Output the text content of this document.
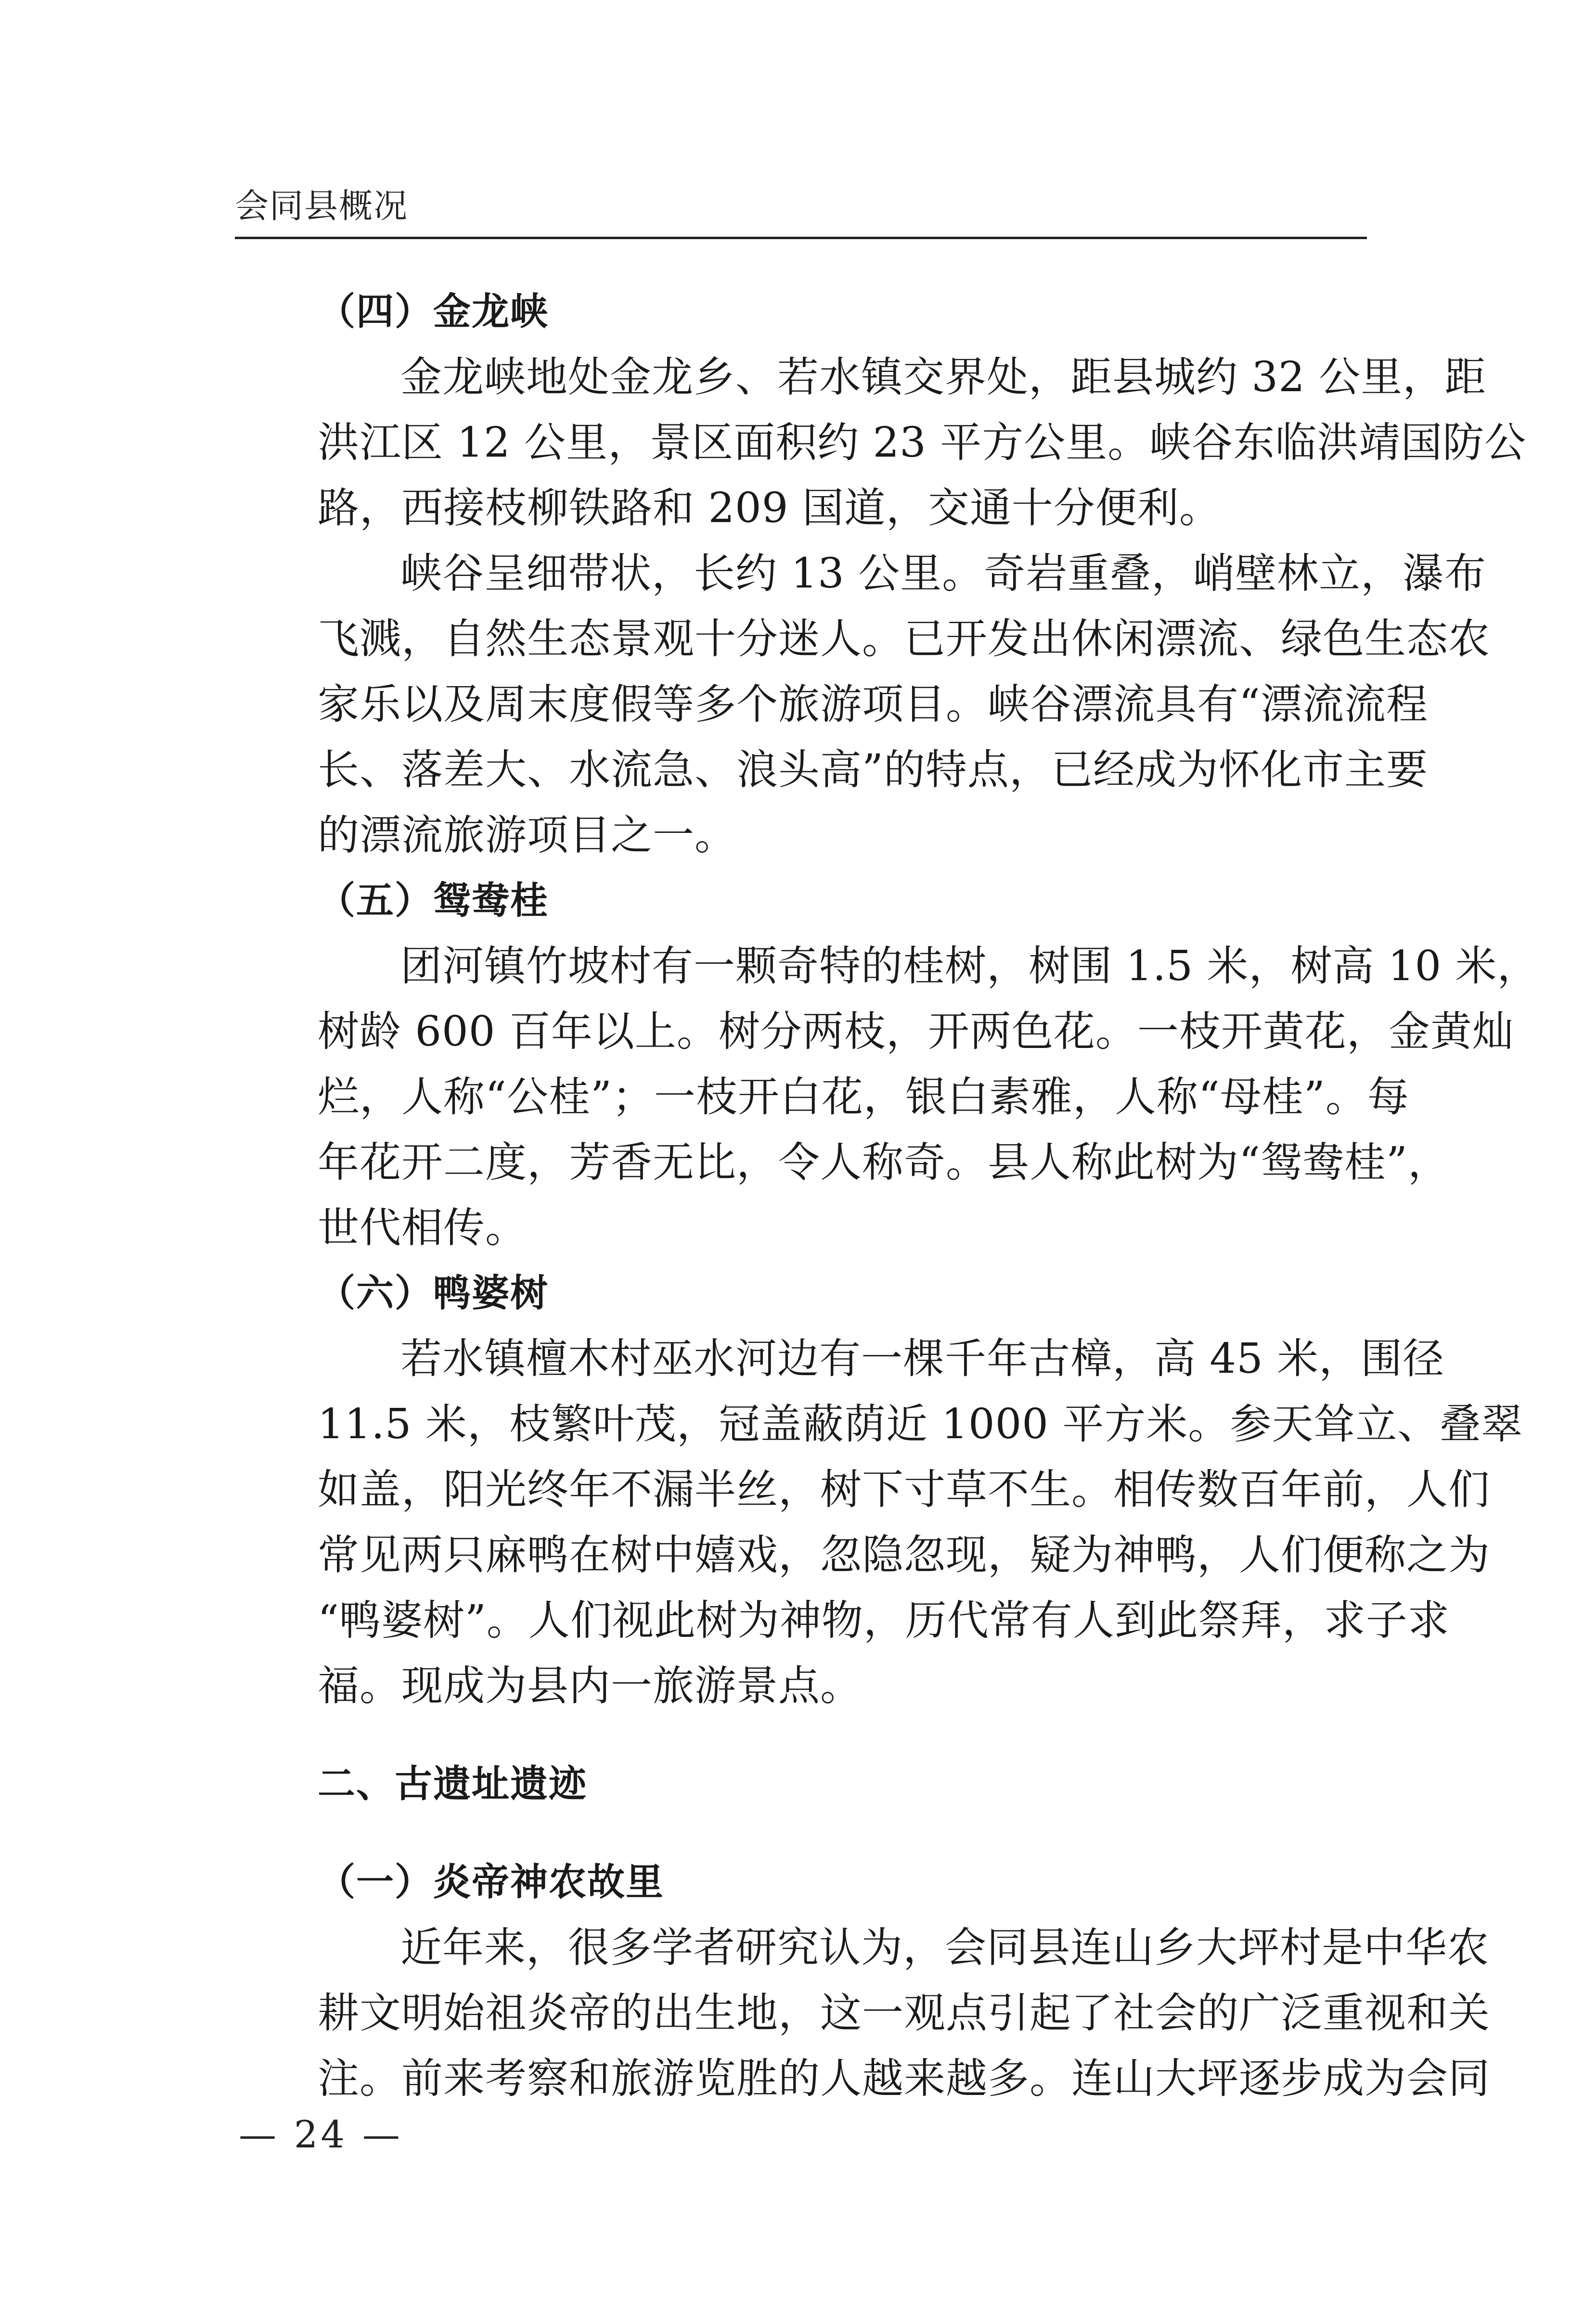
会同县概况
（四）金龙峡
金龙峡地处金龙乡、若水镇交界处，距县城约 32 公里，距
洪江区 12 公里，景区面积约 23 平方公里。峡谷东临洪靖国防公
路，西接枝柳铁路和 209 国道，交通十分便利。
峡谷呈细带状，长约 13 公里。奇岩重叠，峭壁林立，瀑布
飞溅，自然生态景观十分迷人。已开发出休闲漂流、绿色生态农
家乐以及周末度假等多个旅游项目。峡谷漂流具有“漂流流程
长、落差大、水流急、浪头高”的特点，已经成为怀化市主要
的漂流旅游项目之一。
（五）鸳鸯桂
团河镇竹坡村有一颗奇特的桂树，树围 1.5 米，树高 10 米，
树龄 600 百年以上。树分两枝，开两色花。一枝开黄花，金黄灿
烂，人称“公桂”；一枝开白花，银白素雅，人称“母桂”。每
年花开二度，芳香无比，令人称奇。县人称此树为“鸳鸯桂”，
世代相传。
（六）鸭婆树
若水镇檀木村巫水河边有一棵千年古樟，高 45 米，围径
11.5 米，枝繁叶茂，冠盖蔽荫近 1000 平方米。参天耸立、叠翠
如盖，阳光终年不漏半丝，树下寸草不生。相传数百年前，人们
常见两只麻鸭在树中嬉戏，忽隐忽现，疑为神鸭，人们便称之为
“鸭婆树”。人们视此树为神物，历代常有人到此祭拜，求子求
福。现成为县内一旅游景点。
二、古遗址遗迹
（一）炎帝神农故里
近年来，很多学者研究认为，会同县连山乡大坪村是中华农
耕文明始祖炎帝的出生地，这一观点引起了社会的广泛重视和关
注。前来考察和旅游览胜的人越来越多。连山大坪逐步成为会同
— 24 —
